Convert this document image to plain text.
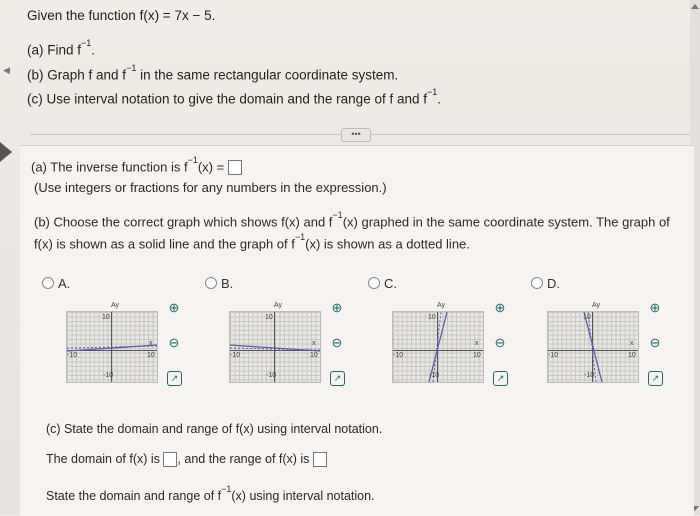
◀
Given the function f(x) = 7x − 5.
(a) Find $f^{-1}$.
(b) Graph f and $f^{-1}$ in the same rectangular coordinate system.
(c) Use interval notation to give the domain and the range of f and $f^{-1}$.
•••
(a) The inverse function is $f^{-1}(x)$ =
(Use integers or fractions for any numbers in the expression.)
(b) Choose the correct graph which shows f(x) and $f^{-1}(x)$ graphed in the same coordinate system. The graph of
f(x) is shown as a solid line and the graph of $f^{-1}(x)$ is shown as a dotted line.
A.
Ay
10
-10	10
-10
x
⊕
⊖
↗
B.
Ay
10
-10	10
-10
x
⊕
⊖
↗
C.
Ay
10
-10	10
-10
x
⊕
⊖
↗
D.
Ay
10
-10	10
-10
x
⊕
⊖
↗
(c) State the domain and range of f(x) using interval notation.
The domain of f(x) is , and the range of f(x) is
State the domain and range of $f^{-1}(x)$ using interval notation.
